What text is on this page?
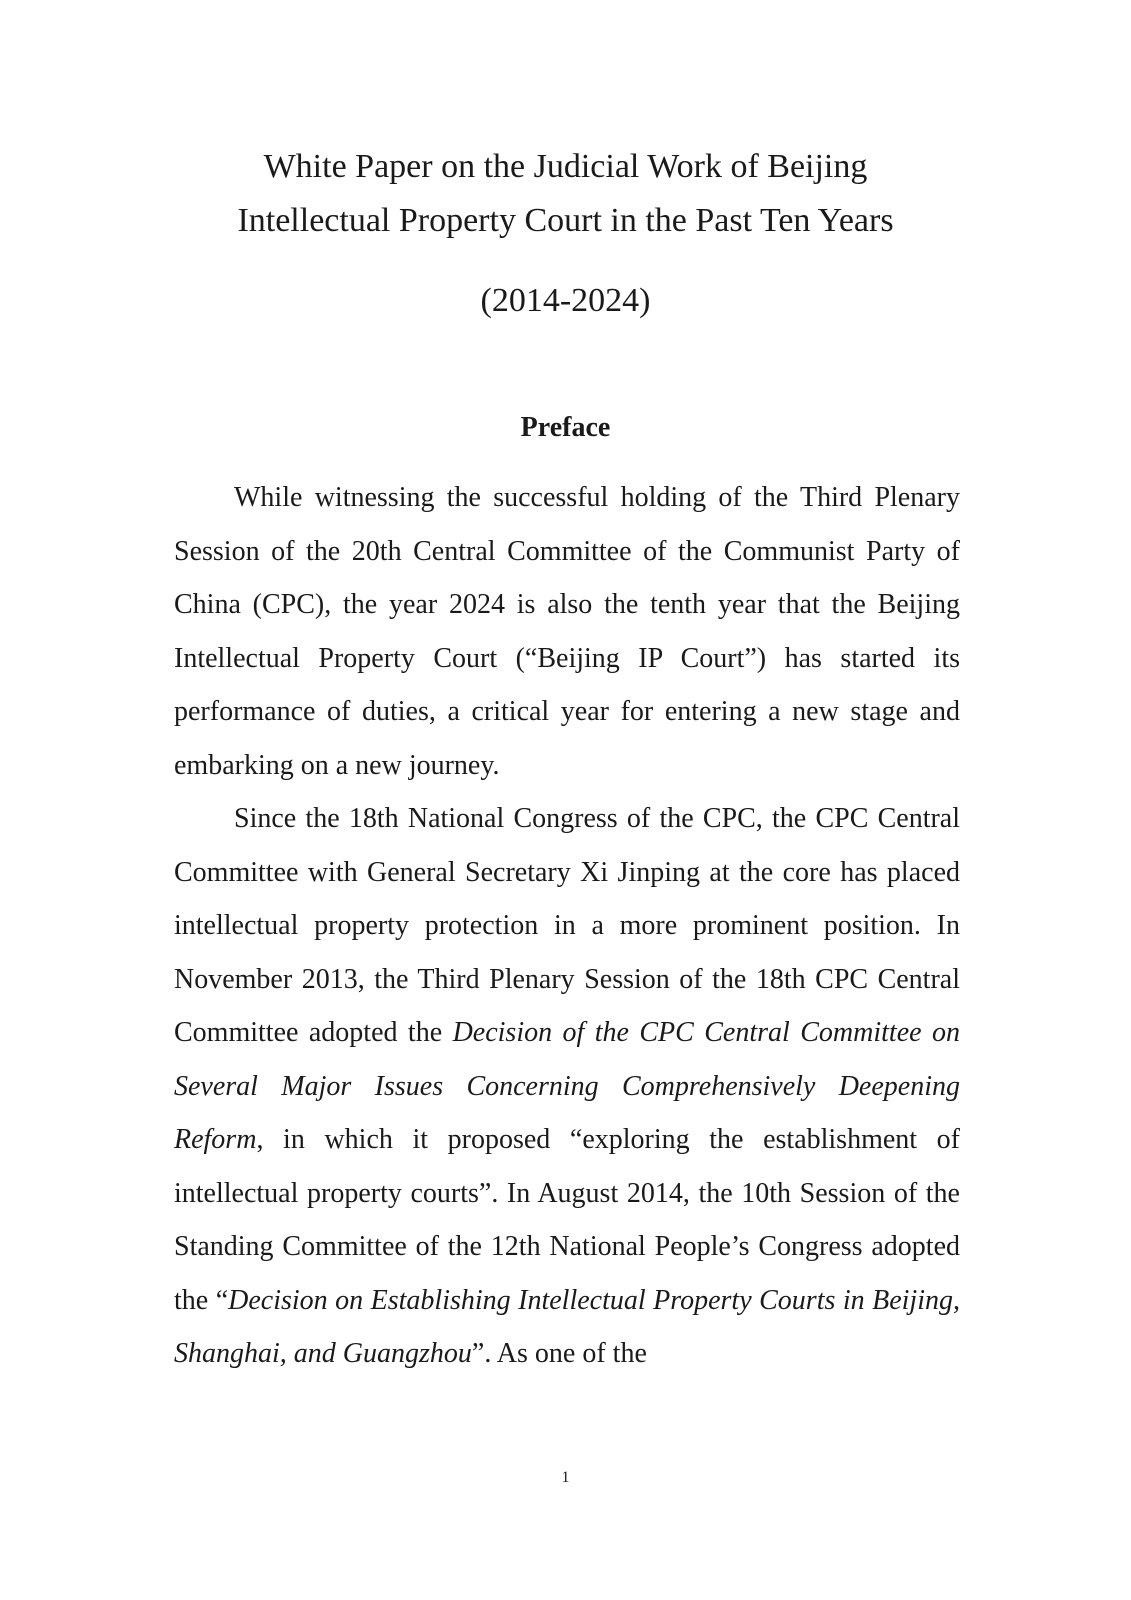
White Paper on the Judicial Work of Beijing
Intellectual Property Court in the Past Ten Years
(2014-2024)
Preface

While witnessing the successful holding of the Third Plenary Session of the 20th Central Committee of the Communist Party of China (CPC), the year 2024 is also the tenth year that the Beijing Intellectual Property Court (“Beijing IP Court”) has started its performance of duties, a critical year for entering a new stage and embarking on a new journey.

Since the 18th National Congress of the CPC, the CPC Central Committee with General Secretary Xi Jinping at the core has placed intellectual property protection in a more prominent position. In November 2013, the Third Plenary Session of the 18th CPC Central Committee adopted the Decision of the CPC Central Committee on Several Major Issues Concerning Comprehensively Deepening Reform, in which it proposed “exploring the establishment of intellectual property courts”. In August 2014, the 10th Session of the Standing Committee of the 12th National People’s Congress adopted the “Decision on Establishing Intellectual Property Courts in Beijing, Shanghai, and Guangzhou”. As one of the

1
